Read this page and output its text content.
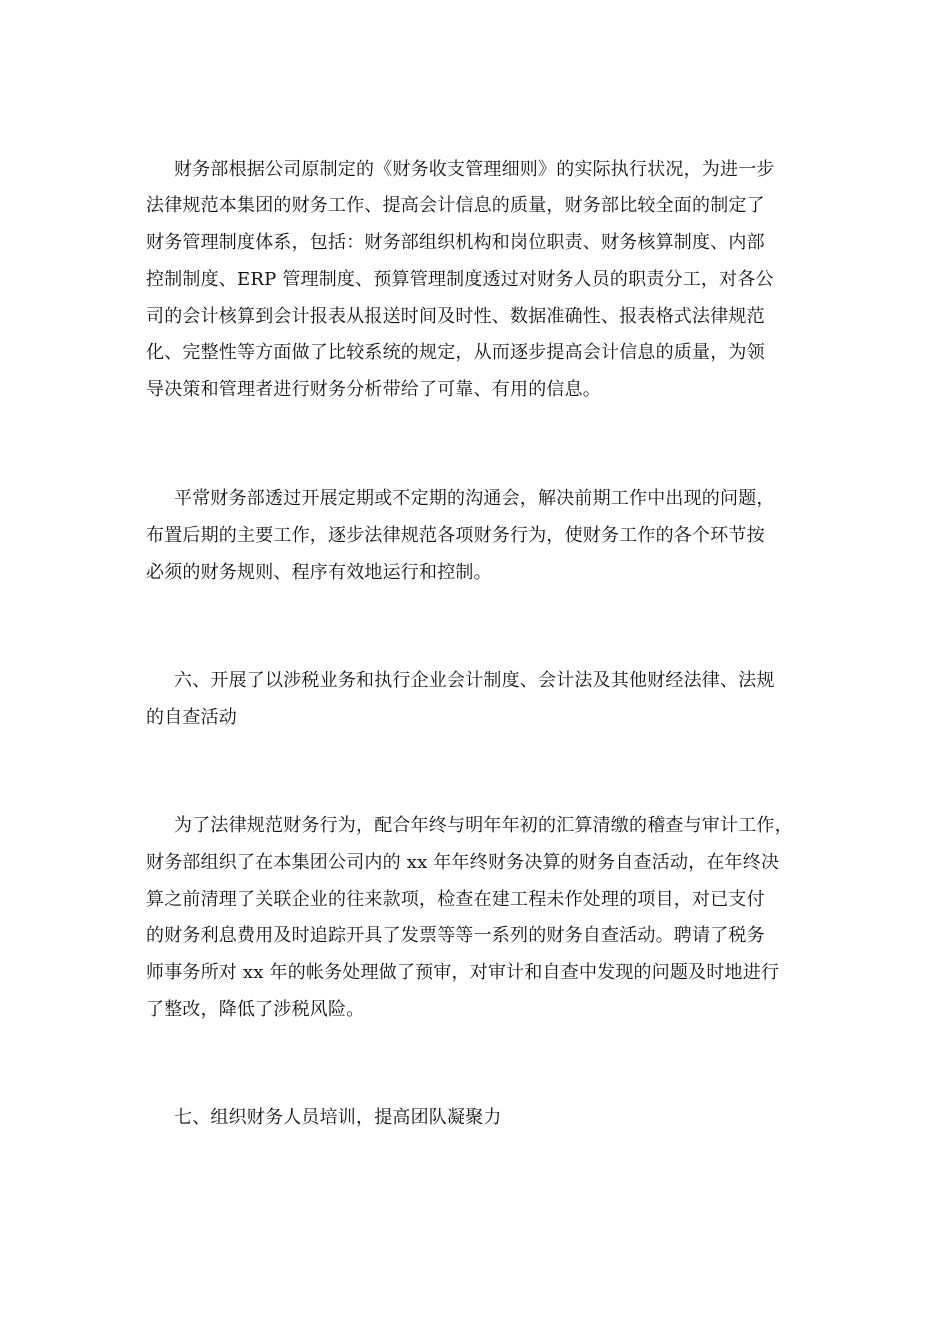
财务部根据公司原制定的《财务收支管理细则》的实际执行状况，为进一步
法律规范本集团的财务工作、提高会计信息的质量，财务部比较全面的制定了
财务管理制度体系，包括：财务部组织机构和岗位职责、财务核算制度、内部
控制制度、ERP 管理制度、预算管理制度透过对财务人员的职责分工，对各公
司的会计核算到会计报表从报送时间及时性、数据准确性、报表格式法律规范
化、完整性等方面做了比较系统的规定，从而逐步提高会计信息的质量，为领
导决策和管理者进行财务分析带给了可靠、有用的信息。
平常财务部透过开展定期或不定期的沟通会，解决前期工作中出现的问题，
布置后期的主要工作，逐步法律规范各项财务行为，使财务工作的各个环节按
必须的财务规则、程序有效地运行和控制。
六、开展了以涉税业务和执行企业会计制度、会计法及其他财经法律、法规
的自查活动
为了法律规范财务行为，配合年终与明年年初的汇算清缴的稽查与审计工作，
财务部组织了在本集团公司内的 xx 年年终财务决算的财务自查活动，在年终决
算之前清理了关联企业的往来款项，检查在建工程未作处理的项目，对已支付
的财务利息费用及时追踪开具了发票等等一系列的财务自查活动。聘请了税务
师事务所对 xx 年的帐务处理做了预审，对审计和自查中发现的问题及时地进行
了整改，降低了涉税风险。
七、组织财务人员培训，提高团队凝聚力
